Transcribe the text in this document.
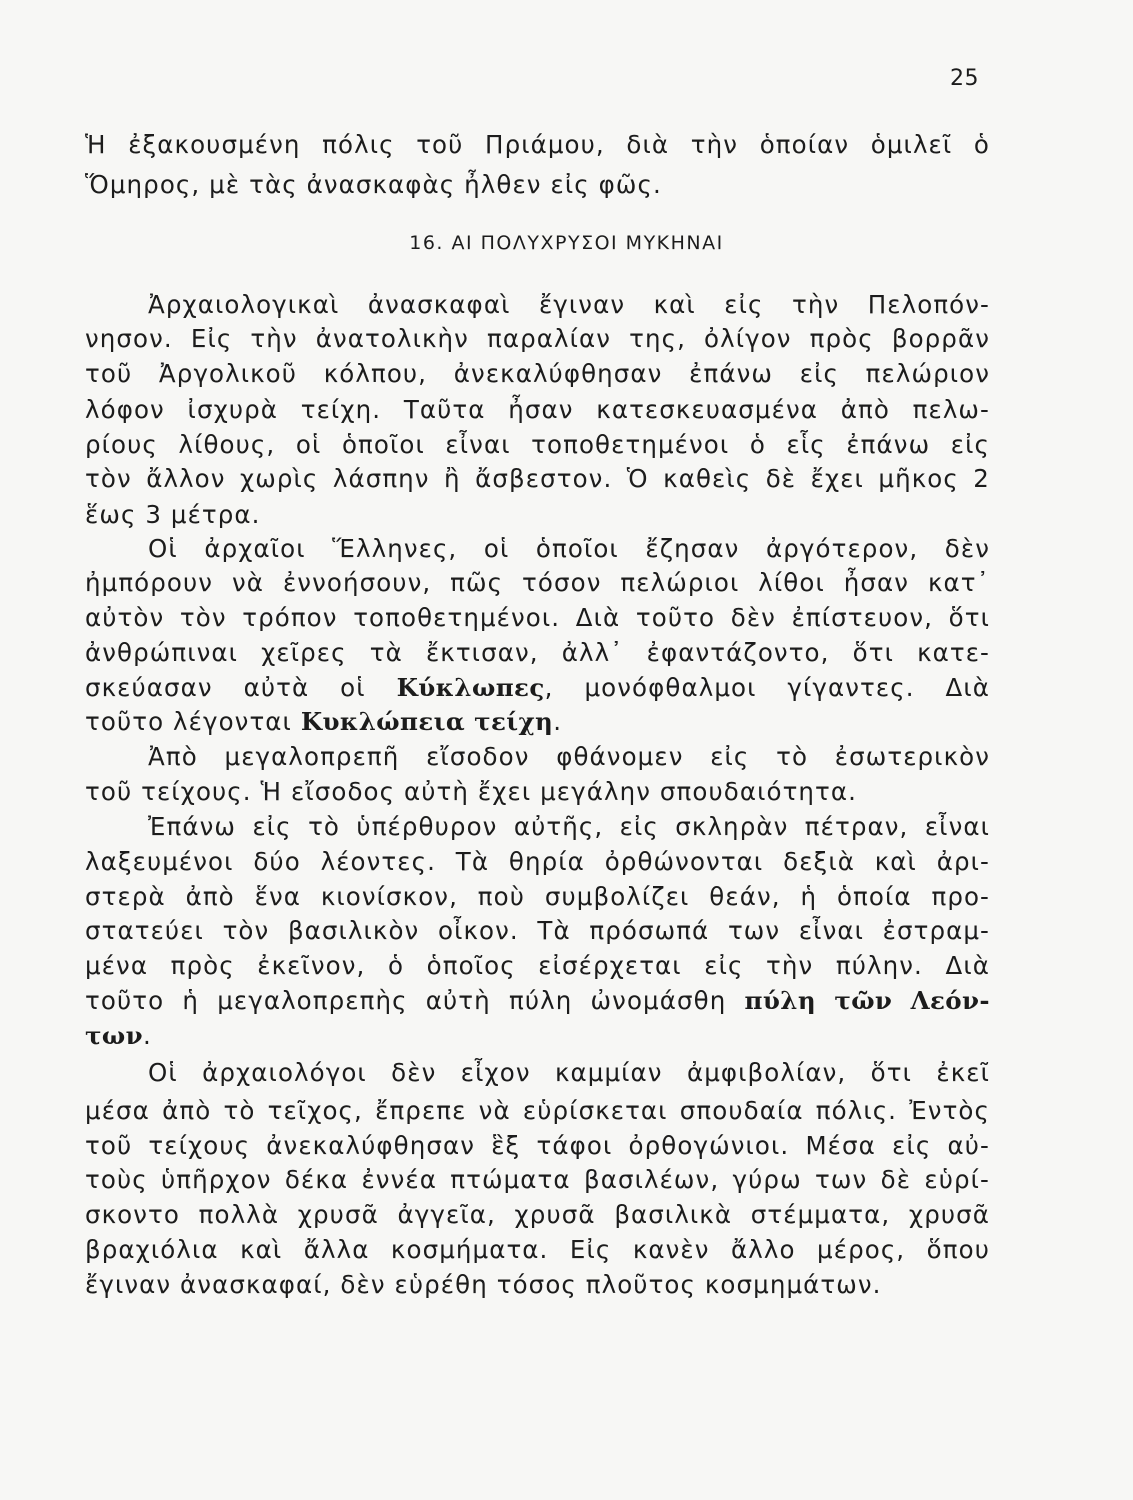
25
Ἡ ἐξακουσμένη πόλις τοῦ Πριάμου, διὰ τὴν ὁποίαν ὁμιλεῖ ὁ
Ὅμηρος, μὲ τὰς ἀνασκαφὰς ἦλθεν εἰς φῶς.
16. ΑΙ ΠΟΛΥΧΡΥΣΟΙ ΜΥΚΗΝΑΙ
Ἀρχαιολογικαὶ ἀνασκαφαὶ ἔγιναν καὶ εἰς τὴν Πελοπόν-
νησον. Εἰς τὴν ἀνατολικὴν παραλίαν της, ὀλίγον πρὸς βορρᾶν
τοῦ Ἀργολικοῦ κόλπου, ἀνεκαλύφθησαν ἐπάνω εἰς πελώριον
λόφον ἰσχυρὰ τείχη. Ταῦτα ἦσαν κατεσκευασμένα ἀπὸ πελω-
ρίους λίθους, οἱ ὁποῖοι εἶναι τοποθετημένοι ὁ εἷς ἐπάνω εἰς
τὸν ἄλλον χωρὶς λάσπην ἢ ἄσβεστον. Ὁ καθεὶς δὲ ἔχει μῆκος 2
ἕως 3 μέτρα.
Οἱ ἀρχαῖοι Ἕλληνες, οἱ ὁποῖοι ἔζησαν ἀργότερον, δὲν
ἠμπόρουν νὰ ἐννοήσουν, πῶς τόσον πελώριοι λίθοι ἦσαν κατ᾽
αὐτὸν τὸν τρόπον τοποθετημένοι. Διὰ τοῦτο δὲν ἐπίστευον, ὅτι
ἀνθρώπιναι χεῖρες τὰ ἔκτισαν, ἀλλ᾽ ἐφαντάζοντο, ὅτι κατε-
σκεύασαν αὐτὰ οἱ Κύκλωπες, μονόφθαλμοι γίγαντες. Διὰ
τοῦτο λέγονται Κυκλώπεια τείχη.
Ἀπὸ μεγαλοπρεπῆ εἴσοδον φθάνομεν εἰς τὸ ἐσωτερικὸν
τοῦ τείχους. Ἡ εἴσοδος αὐτὴ ἔχει μεγάλην σπουδαιότητα.
Ἐπάνω εἰς τὸ ὑπέρθυρον αὐτῆς, εἰς σκληρὰν πέτραν, εἶναι
λαξευμένοι δύο λέοντες. Τὰ θηρία ὀρθώνονται δεξιὰ καὶ ἀρι-
στερὰ ἀπὸ ἕνα κιονίσκον, ποὺ συμβολίζει θεάν, ἡ ὁποία προ-
στατεύει τὸν βασιλικὸν οἶκον. Τὰ πρόσωπά των εἶναι ἐστραμ-
μένα πρὸς ἐκεῖνον, ὁ ὁποῖος εἰσέρχεται εἰς τὴν πύλην. Διὰ
τοῦτο ἡ μεγαλοπρεπὴς αὐτὴ πύλη ὠνομάσθη πύλη τῶν Λεόν-
των.
Οἱ ἀρχαιολόγοι δὲν εἶχον καμμίαν ἀμφιβολίαν, ὅτι ἐκεῖ
μέσα ἀπὸ τὸ τεῖχος, ἔπρεπε νὰ εὑρίσκεται σπουδαία πόλις. Ἐντὸς
τοῦ τείχους ἀνεκαλύφθησαν ἓξ τάφοι ὀρθογώνιοι. Μέσα εἰς αὐ-
τοὺς ὑπῆρχον δέκα ἐννέα πτώματα βασιλέων, γύρω των δὲ εὑρί-
σκοντο πολλὰ χρυσᾶ ἀγγεῖα, χρυσᾶ βασιλικὰ στέμματα, χρυσᾶ
βραχιόλια καὶ ἄλλα κοσμήματα. Εἰς κανὲν ἄλλο μέρος, ὅπου
ἔγιναν ἀνασκαφαί, δὲν εὑρέθη τόσος πλοῦτος κοσμημάτων.
